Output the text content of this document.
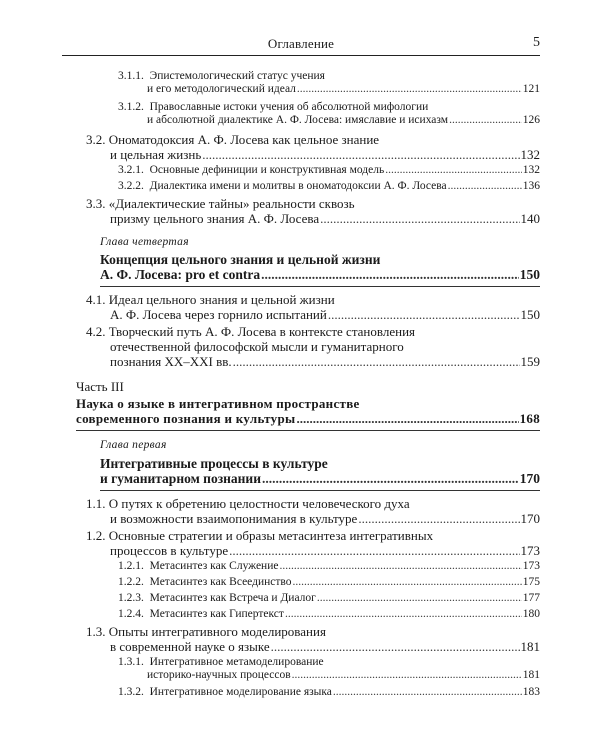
Оглавление	5
3.1.1. Эпистемологический статус учения
и его методологический идеал .....	121
3.1.2. Православные истоки учения об абсолютной мифологии
и абсолютной диалектике А. Ф. Лосева: имяславие и исихазм .....	126
3.2. Ономатодоксия А. Ф. Лосева как цельное знание
и цельная жизнь .....	132
3.2.1. Основные дефиниции и конструктивная модель .....	132
3.2.2. Диалектика имени и молитвы в ономатодоксии А. Ф. Лосева .....	136
3.3. «Диалектические тайны» реальности сквозь
призму цельного знания А. Ф. Лосева .....	140
Глава четвертая
Концепция цельного знания и цельной жизни
А. Ф. Лосева: pro et contra .....	150
4.1. Идеал цельного знания и цельной жизни
А. Ф. Лосева через горнило испытаний .....	150
4.2. Творческий путь А. Ф. Лосева в контексте становления
отечественной философской мысли и гуманитарного
познания XX–XXI вв. .....	159
Часть III
Наука о языке в интегративном пространстве
современного познания и культуры .....	168
Глава первая
Интегративные процессы в культуре
и гуманитарном познании .....	170
1.1. О путях к обретению целостности человеческого духа
и возможности взаимопонимания в культуре .....	170
1.2. Основные стратегии и образы метасинтеза интегративных
процессов в культуре .....	173
1.2.1. Метасинтез как Служение .....	173
1.2.2. Метасинтез как Всеединство .....	175
1.2.3. Метасинтез как Встреча и Диалог .....	177
1.2.4. Метасинтез как Гипертекст .....	180
1.3. Опыты интегративного моделирования
в современной науке о языке .....	181
1.3.1. Интегративное метамоделирование
историко-научных процессов .....	181
1.3.2. Интегративное моделирование языка .....	183
